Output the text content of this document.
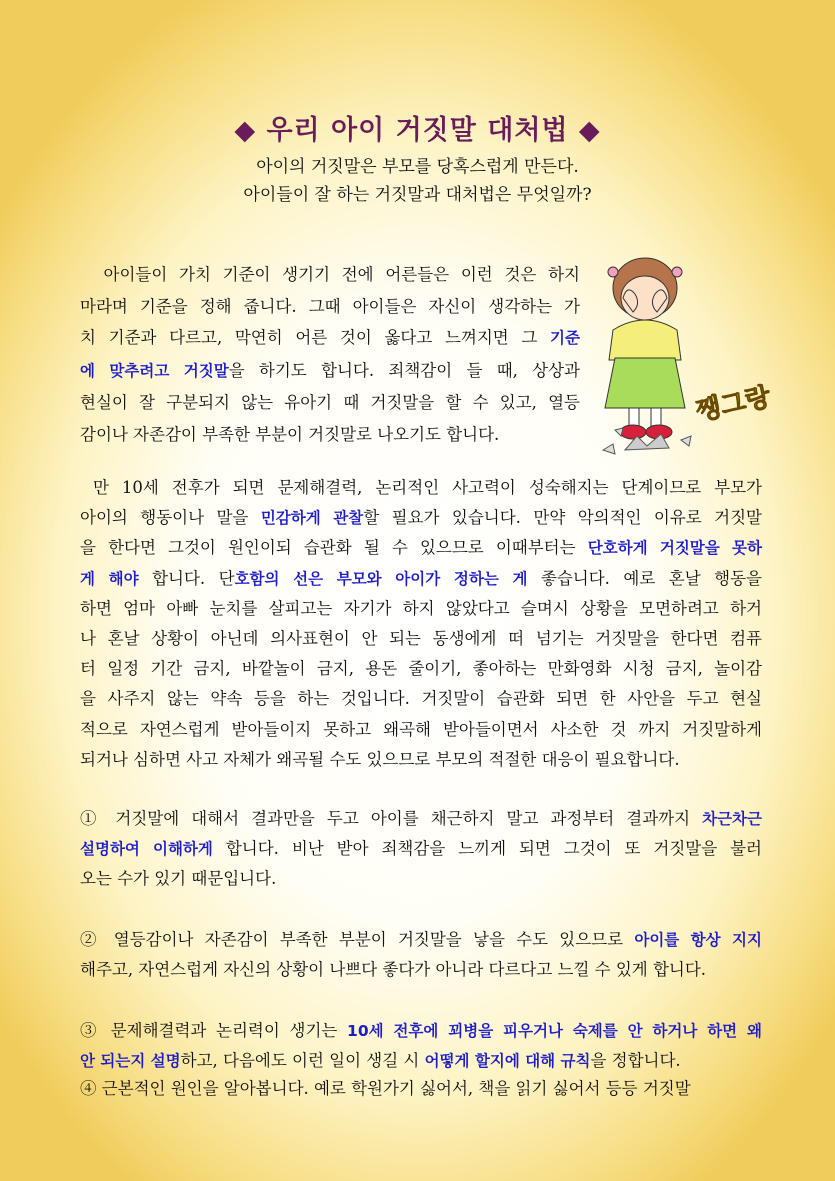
◆ 우리 아이 거짓말 대처법 ◆
아이의 거짓말은 부모를 당혹스럽게 만든다.
아이들이 잘 하는 거짓말과 대처법은 무엇일까?
아이들이 가치 기준이 생기기 전에 어른들은 이런 것은 하지
마라며 기준을 정해 줍니다. 그때 아이들은 자신이 생각하는 가
치 기준과 다르고, 막연히 어른 것이 옳다고 느껴지면 그 기준
에 맞추려고 거짓말을 하기도 합니다. 죄책감이 들 때, 상상과
현실이 잘 구분되지 않는 유아기 때 거짓말을 할 수 있고, 열등
감이나 자존감이 부족한 부분이 거짓말로 나오기도 합니다.
만 10세 전후가 되면 문제해결력, 논리적인 사고력이 성숙해지는 단계이므로 부모가
아이의 행동이나 말을 민감하게 관찰할 필요가 있습니다. 만약 악의적인 이유로 거짓말
을 한다면 그것이 원인이되 습관화 될 수 있으므로 이때부터는 단호하게 거짓말을 못하
게 해야 합니다. 단호함의 선은 부모와 아이가 정하는 게 좋습니다. 예로 혼날 행동을
하면 엄마 아빠 눈치를 살피고는 자기가 하지 않았다고 슬며시 상황을 모면하려고 하거
나 혼날 상황이 아닌데 의사표현이 안 되는 동생에게 떠 넘기는 거짓말을 한다면 컴퓨
터 일정 기간 금지, 바깥놀이 금지, 용돈 줄이기, 좋아하는 만화영화 시청 금지, 놀이감
을 사주지 않는 약속 등을 하는 것입니다. 거짓말이 습관화 되면 한 사안을 두고 현실
적으로 자연스럽게 받아들이지 못하고 왜곡해 받아들이면서 사소한 것 까지 거짓말하게
되거나 심하면 사고 자체가 왜곡될 수도 있으므로 부모의 적절한 대응이 필요합니다.
① 거짓말에 대해서 결과만을 두고 아이를 채근하지 말고 과정부터 결과까지 차근차근
설명하여 이해하게 합니다. 비난 받아 죄책감을 느끼게 되면 그것이 또 거짓말을 불러
오는 수가 있기 때문입니다.
② 열등감이나 자존감이 부족한 부분이 거짓말을 낳을 수도 있으므로 아이를 항상 지지
해주고, 자연스럽게 자신의 상황이 나쁘다 좋다가 아니라 다르다고 느낄 수 있게 합니다.
③ 문제해결력과 논리력이 생기는 10세 전후에 꾀병을 피우거나 숙제를 안 하거나 하면 왜
안 되는지 설명하고, 다음에도 이런 일이 생길 시 어떻게 할지에 대해 규칙을 정합니다.
④ 근본적인 원인을 알아봅니다. 예로 학원가기 싫어서, 책을 읽기 싫어서 등등 거짓말
쨍그랑
